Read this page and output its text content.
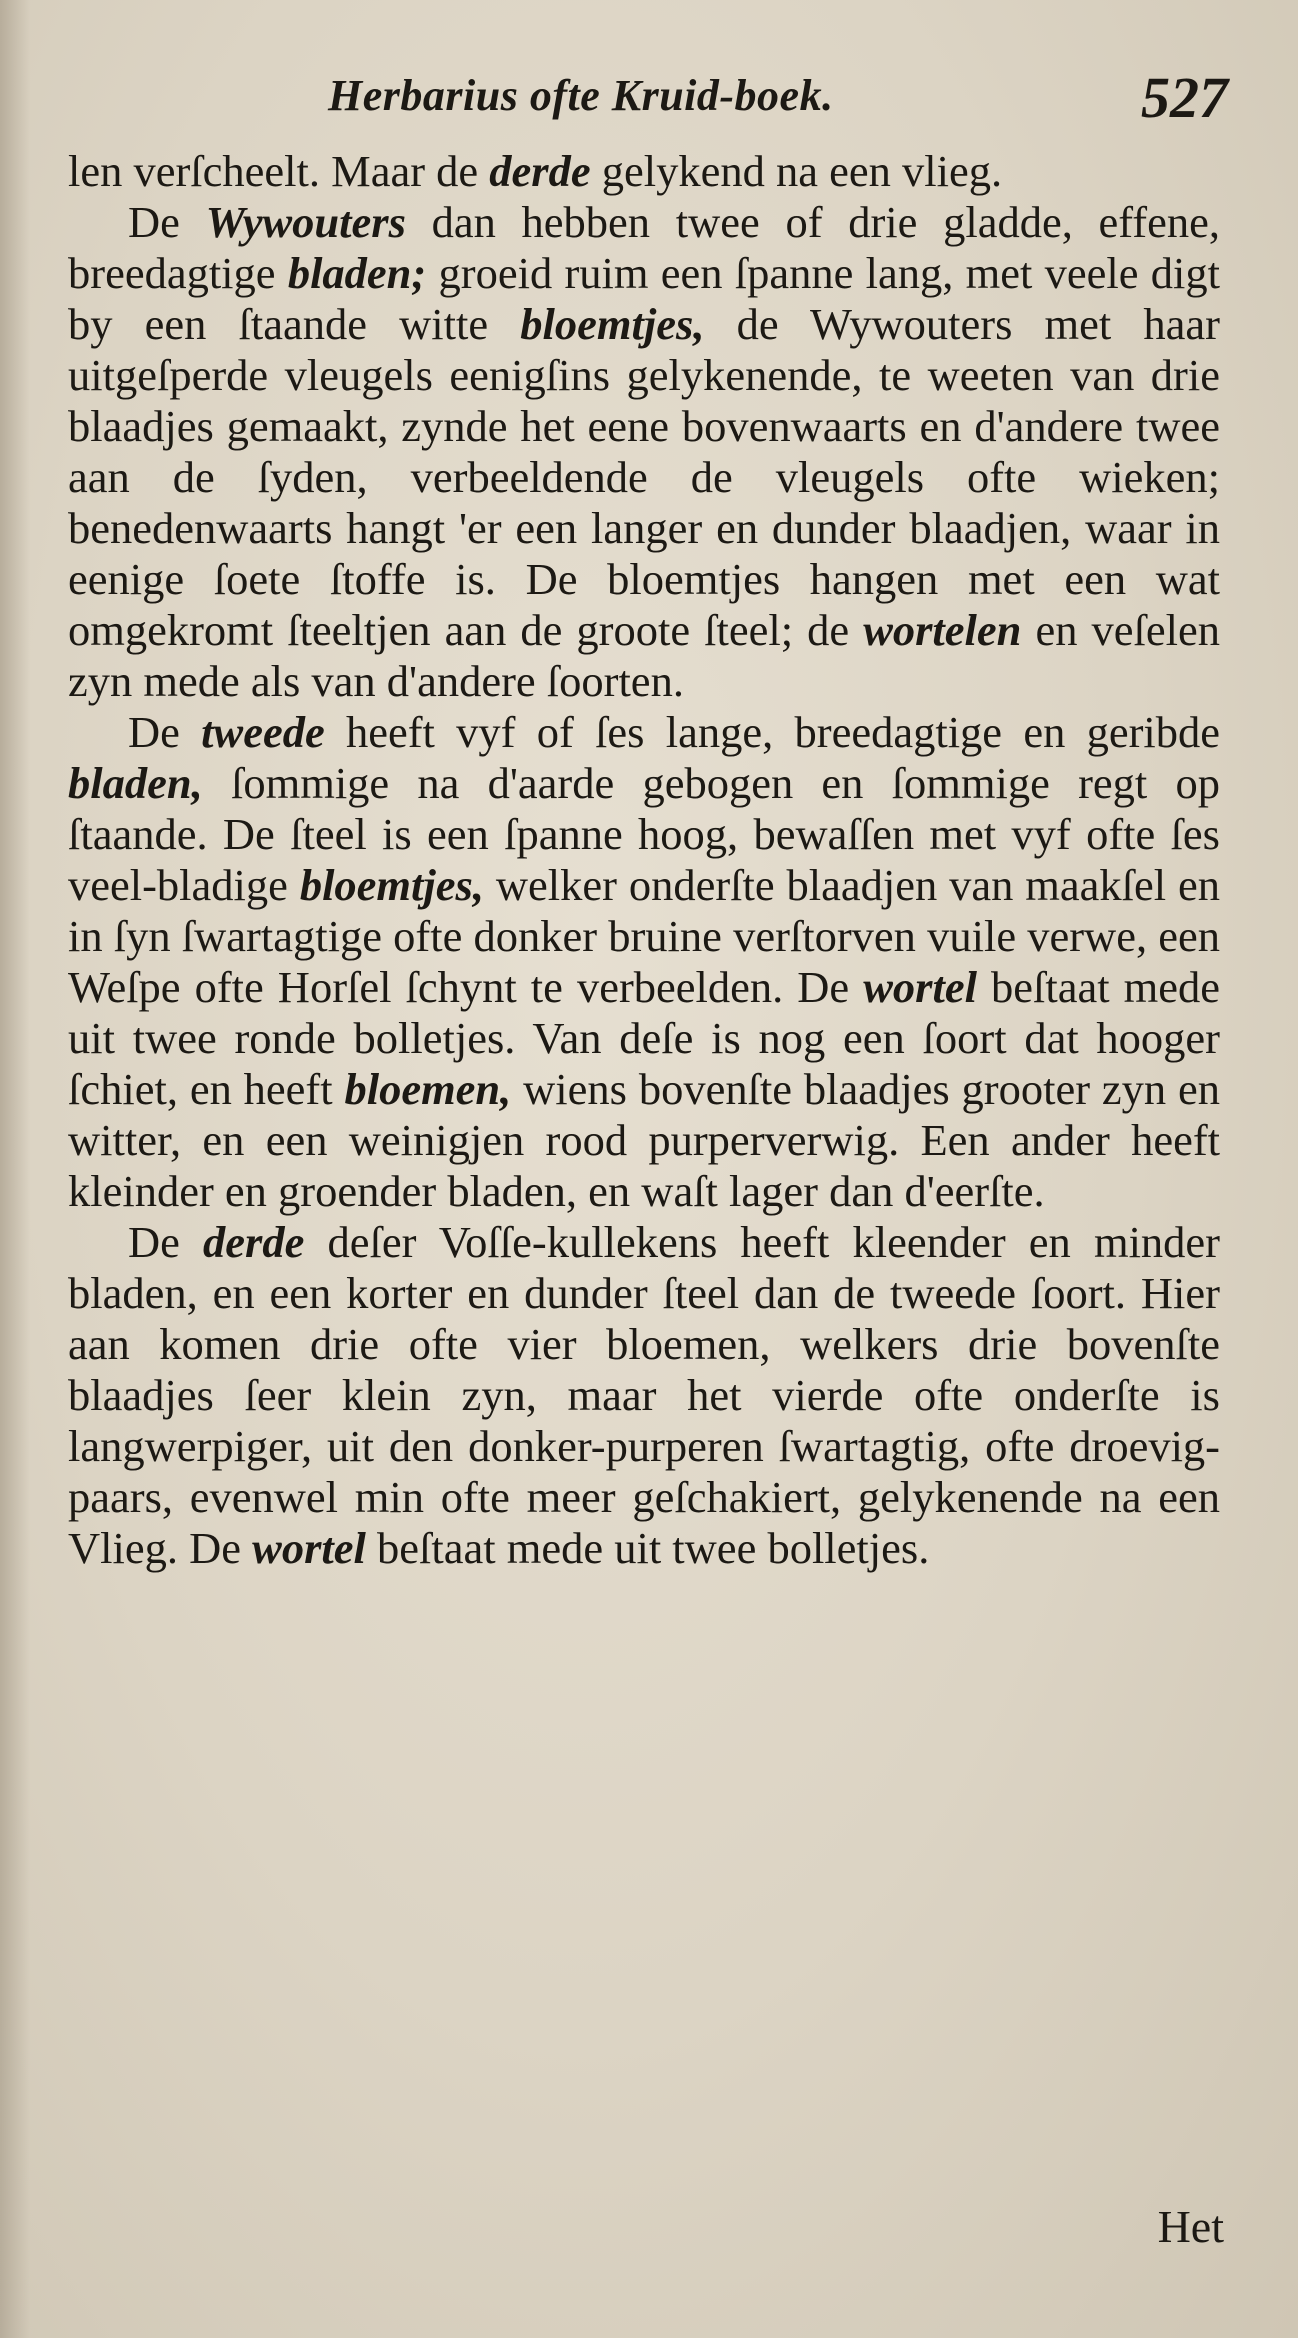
Herbarius ofte Kruid-boek.	527

len verſcheelt. Maar de derde gelykend na een vlieg.

De Wywouters dan hebben twee of drie gladde, effene, breedagtige bladen; groeid ruim een ſpanne lang, met veele digt by een ſtaande witte bloemtjes, de Wywouters met haar uitgeſperde vleugels eenigſins gelykenende, te weeten van drie blaadjes gemaakt, zynde het eene bovenwaarts en d'andere twee aan de ſyden, verbeeldende de vleugels ofte wieken; benedenwaarts hangt 'er een langer en dunder blaadjen, waar in eenige ſoete ſtoffe is. De bloemtjes hangen met een wat omgekromt ſteeltjen aan de groote ſteel; de wortelen en veſelen zyn mede als van d'andere ſoorten.

De tweede heeft vyf of ſes lange, breedagtige en geribde bladen, ſommige na d'aarde gebogen en ſommige regt op ſtaande. De ſteel is een ſpanne hoog, bewaſſen met vyf ofte ſes veel-bladige bloemtjes, welker onderſte blaadjen van maakſel en in ſyn ſwartagtige ofte donker bruine verſtorven vuile verwe, een Weſpe ofte Horſel ſchynt te verbeelden. De wortel beſtaat mede uit twee ronde bolletjes. Van deſe is nog een ſoort dat hooger ſchiet, en heeft bloemen, wiens bovenſte blaadjes grooter zyn en witter, en een weinigjen rood purperverwig. Een ander heeft kleinder en groender bladen, en waſt lager dan d'eerſte.

De derde deſer Voſſe-kullekens heeft kleender en minder bladen, en een korter en dunder ſteel dan de tweede ſoort. Hier aan komen drie ofte vier bloemen, welkers drie bovenſte blaadjes ſeer klein zyn, maar het vierde ofte onderſte is langwerpiger, uit den donker-purperen ſwartagtig, ofte droevig-paars, evenwel min ofte meer geſchakiert, gelykenende na een Vlieg. De wortel beſtaat mede uit twee bolletjes.

Het
